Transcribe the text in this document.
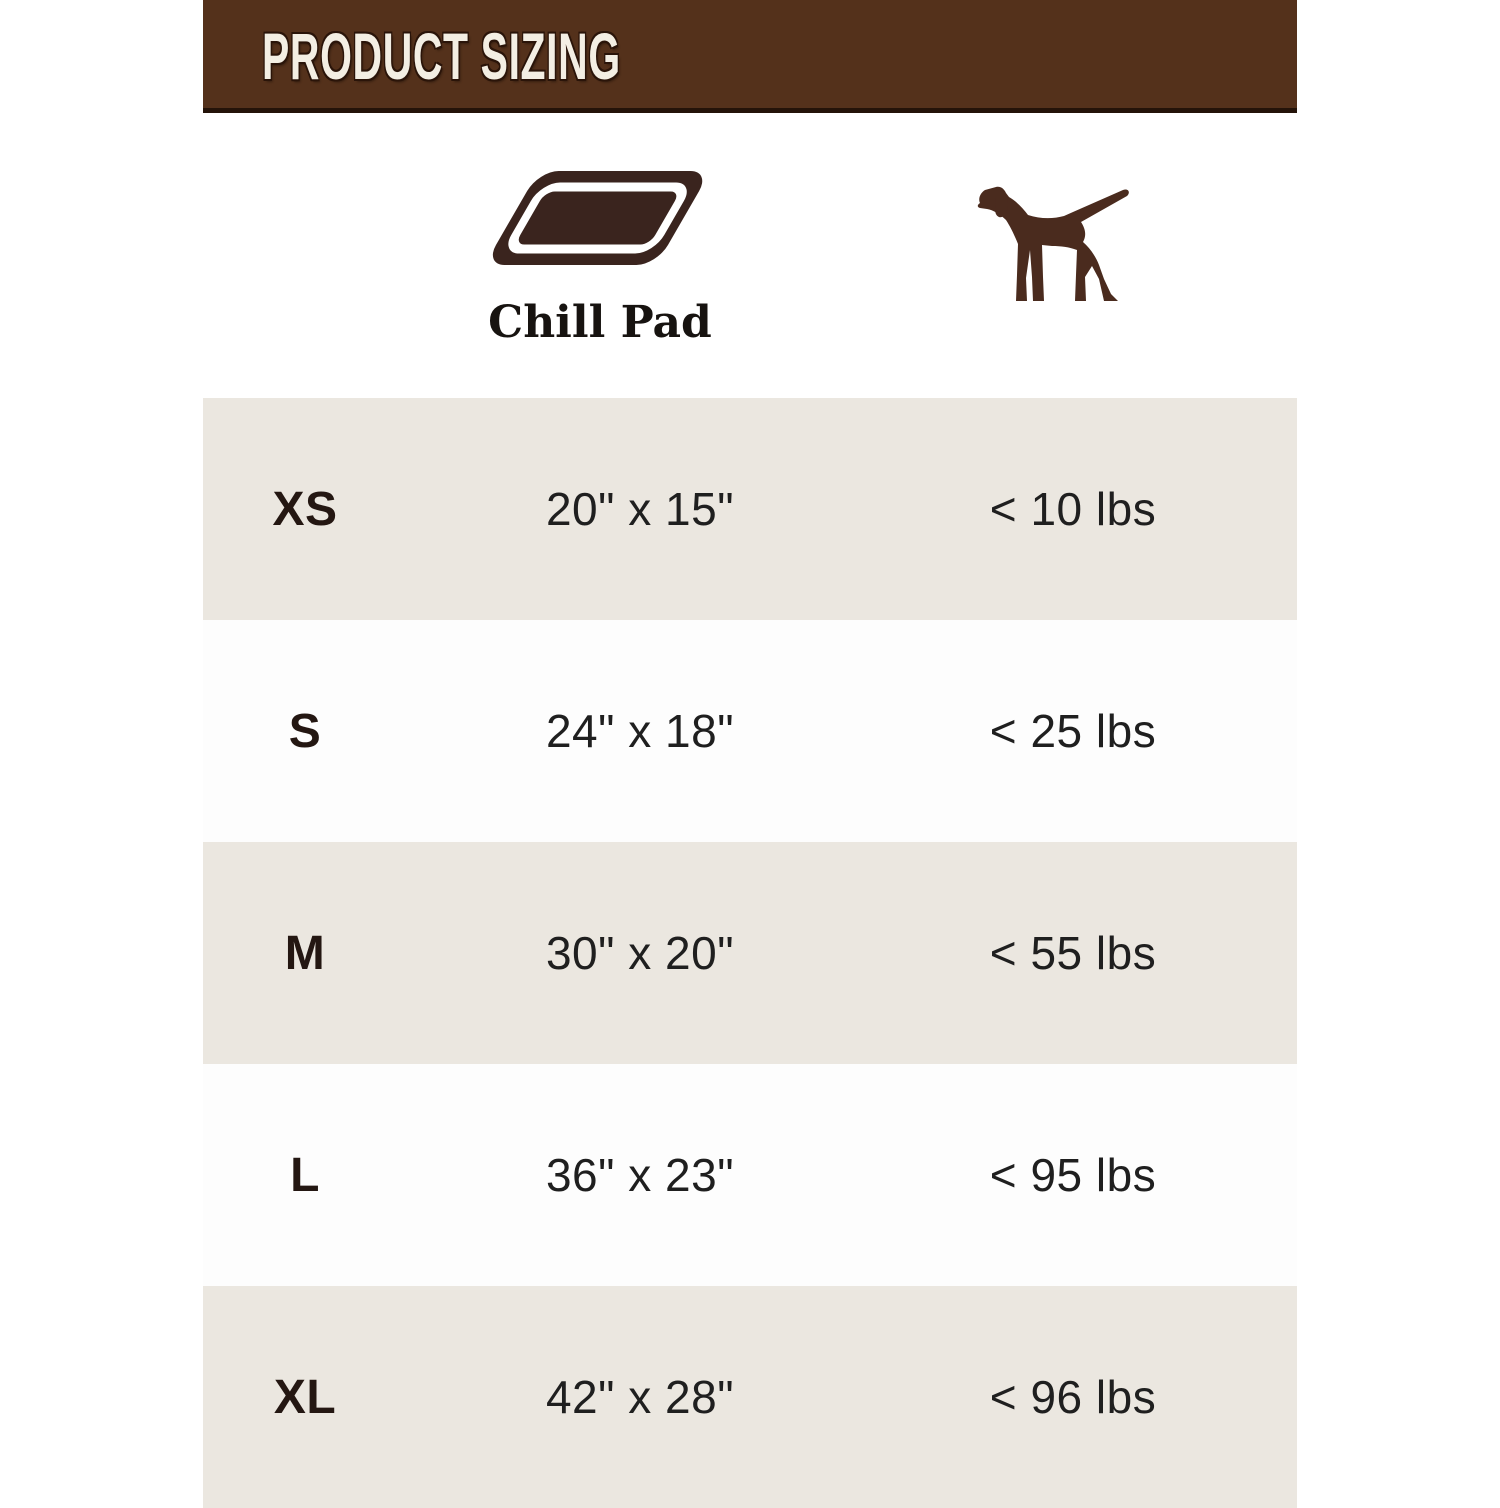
PRODUCT SIZING
Chill Pad
XS	20" x 15"	< 10 lbs
S	24" x 18"	< 25 lbs
M	30" x 20"	< 55 lbs
L	36" x 23"	< 95 lbs
XL	42" x 28"	< 96 lbs
